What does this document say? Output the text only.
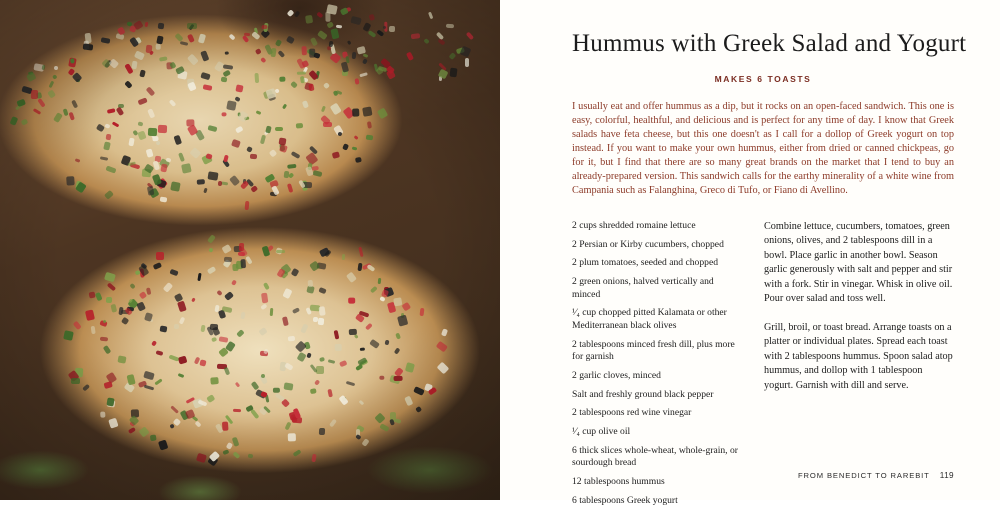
Hummus with Greek Salad and Yogurt
MAKES 6 TOASTS

I usually eat and offer hummus as a dip, but it rocks on an open-faced sandwich. This one is easy, colorful, healthful, and delicious and is perfect for any time of day. I know that Greek salads have feta cheese, but this one doesn't as I call for a dollop of Greek yogurt on top instead. If you want to make your own hummus, either from dried or canned chickpeas, go for it, but I find that there are so many great brands on the market that I tend to buy an already-prepared version. This sandwich calls for the earthy minerality of a white wine from Campania such as Falanghina, Greco di Tufo, or Fiano di Avellino.

2 cups shredded romaine lettuce

2 Persian or Kirby cucumbers, chopped

2 plum tomatoes, seeded and chopped

2 green onions, halved vertically and minced

¹⁄₄ cup chopped pitted Kalamata or other Mediterranean black olives

2 tablespoons minced fresh dill, plus more for garnish

2 garlic cloves, minced

Salt and freshly ground black pepper

2 tablespoons red wine vinegar

¹⁄₄ cup olive oil

6 thick slices whole-wheat, whole-grain, or sourdough bread

12 tablespoons hummus

6 tablespoons Greek yogurt

Combine lettuce, cucumbers, tomatoes, green onions, olives, and 2 tablespoons dill in a bowl. Place garlic in another bowl. Season garlic generously with salt and pepper and stir with a fork. Stir in vinegar. Whisk in olive oil. Pour over salad and toss well.

Grill, broil, or toast bread. Arrange toasts on a platter or individual plates. Spread each toast with 2 tablespoons hummus. Spoon salad atop hummus, and dollop with 1 tablespoon yogurt. Garnish with dill and serve.

FROM BENEDICT TO RAREBIT 119
